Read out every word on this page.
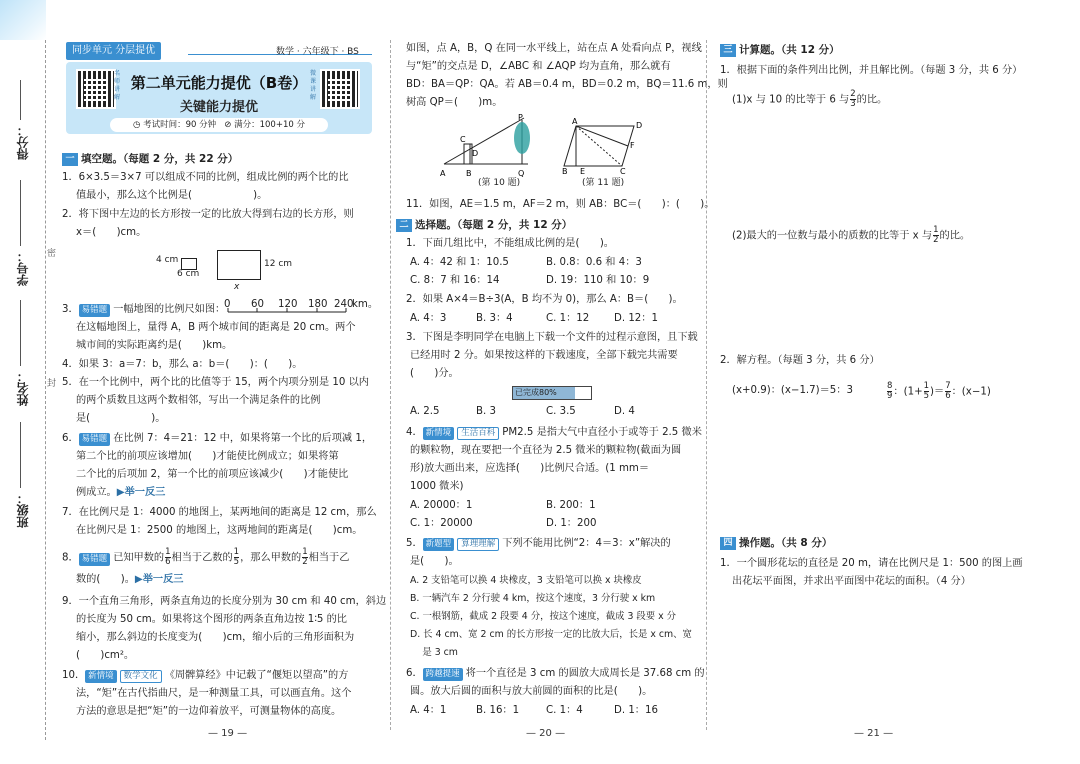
得分：
学号：
姓名：
班级：
密
封
同步单元 分层提优	数学 · 六年级下 · BS
名师讲解
微课讲解
第二单元能力提优（B卷）
关键能力提优
◷ 考试时间：90 分钟 ⊘ 满分：100+10 分
一 填空题。（每题 2 分，共 22 分）
1．6×3.5＝3×7 可以组成不同的比例，组成比例的两个比的比
值最小，那么这个比例是(　　　　　　)。
2．将下图中左边的长方形按一定的比放大得到右边的长方形，则
x＝(　　)cm。
4 cm
6 cm
12 cm
x
3． 易错题 一幅地图的比例尺如图：
0 60 120 180 240
km。
在这幅地图上，量得 A，B 两个城市间的距离是 20 cm。两个
城市间的实际距离约是(　　)km。
4．如果 3：a＝7：b，那么 a：b＝(　　)：(　　)。
5．在一个比例中，两个比的比值等于 15，两个内项分别是 10 以内
的两个质数且这两个数相邻，写出一个满足条件的比例
是(　　　　　　)。
6． 易错题 在比例 7：4＝21：12 中，如果将第一个比的后项减 1，
第二个比的前项应该增加(　　)才能使比例成立；如果将第
二个比的后项加 2，第一个比的前项应该减少(　　)才能使比
例成立。▶举一反三
7．在比例尺是 1：4000 的地图上，某两地间的距离是 12 cm，那么
在比例尺是 1：2500 的地图上，这两地间的距离是(　　)cm。
8． 易错题 已知甲数的 $\frac{1}{6}$ 相当于乙数的 $\frac{1}{5}$ ，那么甲数的 $\frac{1}{2}$ 相当于乙
数的(　　)。▶举一反三
9．一个直角三角形，两条直角边的长度分别为 30 cm 和 40 cm，斜边
的长度为 50 cm。如果将这个图形的两条直角边按 1∶5 的比
缩小，那么斜边的长度变为(　　)cm，缩小后的三角形面积为
(　　)cm²。
10． 新情境 数学文化 《周髀算经》中记载了“偃矩以望高”的方
法，“矩”在古代指曲尺，是一种测量工具，可以画直角。这个
方法的意思是把“矩”的一边仰着放平，可测量物体的高度。
— 19 —
如图，点 A，B，Q 在同一水平线上，站在点 A 处看向点 P，视线
与“矩”的交点是 D，∠ABC 和 ∠AQP 均为直角，那么就有
BD：BA＝QP：QA。若 AB＝0.4 m，BD＝0.2 m，BQ＝11.6 m，则
树高 QP＝(　　)m。
A	B	Q
P
C
D
(第 10 题)
A	D
B E	C
F
(第 11 题)
11．如图，AE＝1.5 m，AF＝2 m，则 AB：BC＝(　　)：(　　)。
二 选择题。（每题 2 分，共 12 分）
1．下面几组比中，不能组成比例的是(　　)。
A. 4：42 和 1：10.5	B. 0.8：0.6 和 4：3
C. 8：7 和 16：14	D. 19：110 和 10：9
2．如果 A×4＝B÷3(A，B 均不为 0)，那么 A：B＝(　　)。
A. 4：3	B. 3：4	C. 1：12 D. 12：1
3．下图是李明同学在电脑上下载一个文件的过程示意图，且下载
已经用时 2 分。如果按这样的下载速度，全部下载完共需要
(　　)分。
已完成80%
A. 2.5	B. 3	C. 3.5	D. 4
4． 新情境 生活百科 PM2.5 是指大气中直径小于或等于 2.5 微米
的颗粒物，现在要把一个直径为 2.5 微米的颗粒物(截面为圆
形)放大画出来，应选择(　　)比例尺合适。(1 mm＝
1000 微米)
A. 20000：1	B. 200：1
C. 1：20000	D. 1：200
5． 新题型 算理理解 下列不能用比例“2：4＝3：x”解决的
是(　　)。
A. 2 支铅笔可以换 4 块橡皮，3 支铅笔可以换 x 块橡皮
B. 一辆汽车 2 分行驶 4 km，按这个速度，3 分行驶 x km
C. 一根钢筋，截成 2 段要 4 分，按这个速度，截成 3 段要 x 分
D. 长 4 cm、宽 2 cm 的长方形按一定的比放大后，长是 x cm、宽
　 是 3 cm
6． 跨越提速 将一个直径是 3 cm 的圆放大成周长是 37.68 cm 的
圆。放大后圆的面积与放大前圆的面积的比是(　　)。
A. 4：1	B. 16：1	C. 1：4	D. 1：16
— 20 —
三 计算题。（共 12 分）
1．根据下面的条件列出比例，并且解比例。（每题 3 分，共 6 分）
(1)x 与 10 的比等于 6 与 $\frac{2}{3}$ 的比。
(2)最大的一位数与最小的质数的比等于 x 与 $\frac{1}{2}$ 的比。
2．解方程。（每题 3 分，共 6 分）
(x+0.9)：(x−1.7)＝5：3	$\frac{8}{9}$ ：($1+ \frac{1}{5}$ )＝ $\frac{7}{6}$ ：(x−1)
四 操作题。（共 8 分）
1．一个圆形花坛的直径是 20 m，请在比例尺是 1：500 的图上画
出花坛平面图，并求出平面图中花坛的面积。（4 分）
— 21 —
